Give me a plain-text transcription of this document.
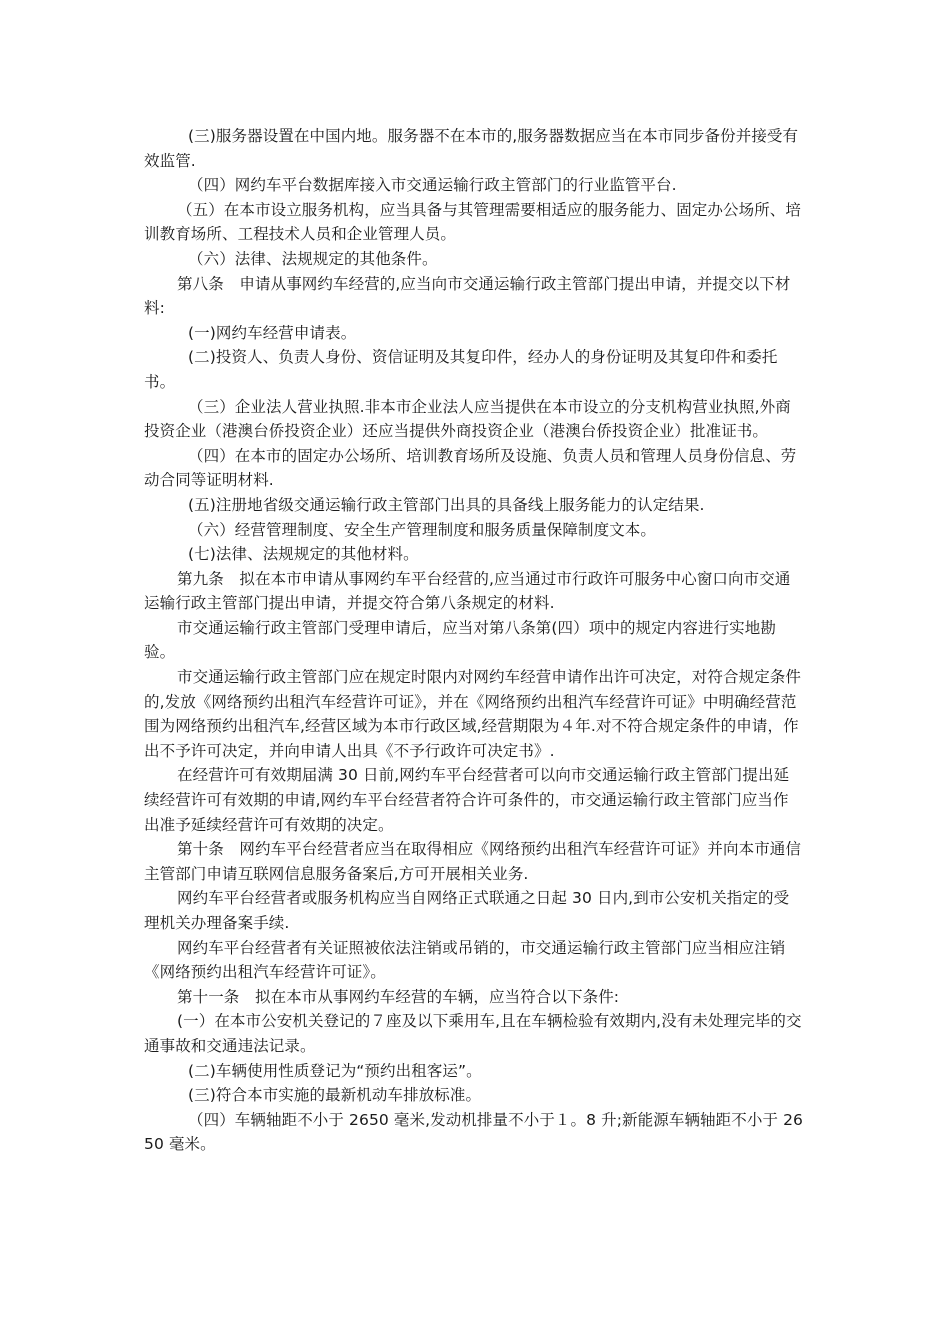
(三)服务器设置在中国内地。服务器不在本市的,服务器数据应当在本市同步备份并接受有效监管.

（四）网约车平台数据库接入市交通运输行政主管部门的行业监管平台.

（五）在本市设立服务机构，应当具备与其管理需要相适应的服务能力、固定办公场所、培训教育场所、工程技术人员和企业管理人员。

（六）法律、法规规定的其他条件。

第八条　申请从事网约车经营的,应当向市交通运输行政主管部门提出申请，并提交以下材料:

(一)网约车经营申请表。

(二)投资人、负责人身份、资信证明及其复印件，经办人的身份证明及其复印件和委托书。

（三）企业法人营业执照.非本市企业法人应当提供在本市设立的分支机构营业执照,外商投资企业（港澳台侨投资企业）还应当提供外商投资企业（港澳台侨投资企业）批准证书。

（四）在本市的固定办公场所、培训教育场所及设施、负责人员和管理人员身份信息、劳动合同等证明材料.

(五)注册地省级交通运输行政主管部门出具的具备线上服务能力的认定结果.

（六）经营管理制度、安全生产管理制度和服务质量保障制度文本。

(七)法律、法规规定的其他材料。

第九条　拟在本市申请从事网约车平台经营的,应当通过市行政许可服务中心窗口向市交通运输行政主管部门提出申请，并提交符合第八条规定的材料.

市交通运输行政主管部门受理申请后，应当对第八条第(四）项中的规定内容进行实地勘验。

市交通运输行政主管部门应在规定时限内对网约车经营申请作出许可决定，对符合规定条件的,发放《网络预约出租汽车经营许可证》，并在《网络预约出租汽车经营许可证》中明确经营范围为网络预约出租汽车,经营区域为本市行政区域,经营期限为４年.对不符合规定条件的申请，作出不予许可决定，并向申请人出具《不予行政许可决定书》.

在经营许可有效期届满 30 日前,网约车平台经营者可以向市交通运输行政主管部门提出延续经营许可有效期的申请,网约车平台经营者符合许可条件的，市交通运输行政主管部门应当作出准予延续经营许可有效期的决定。

第十条　网约车平台经营者应当在取得相应《网络预约出租汽车经营许可证》并向本市通信主管部门申请互联网信息服务备案后,方可开展相关业务.

网约车平台经营者或服务机构应当自网络正式联通之日起 30 日内,到市公安机关指定的受理机关办理备案手续.

网约车平台经营者有关证照被依法注销或吊销的，市交通运输行政主管部门应当相应注销《网络预约出租汽车经营许可证》。

第十一条　拟在本市从事网约车经营的车辆，应当符合以下条件:

(一）在本市公安机关登记的７座及以下乘用车,且在车辆检验有效期内,没有未处理完毕的交通事故和交通违法记录。

(二)车辆使用性质登记为“预约出租客运”。

(三)符合本市实施的最新机动车排放标准。

（四）车辆轴距不小于 2650 毫米,发动机排量不小于１。8 升;新能源车辆轴距不小于 2650 毫米。
